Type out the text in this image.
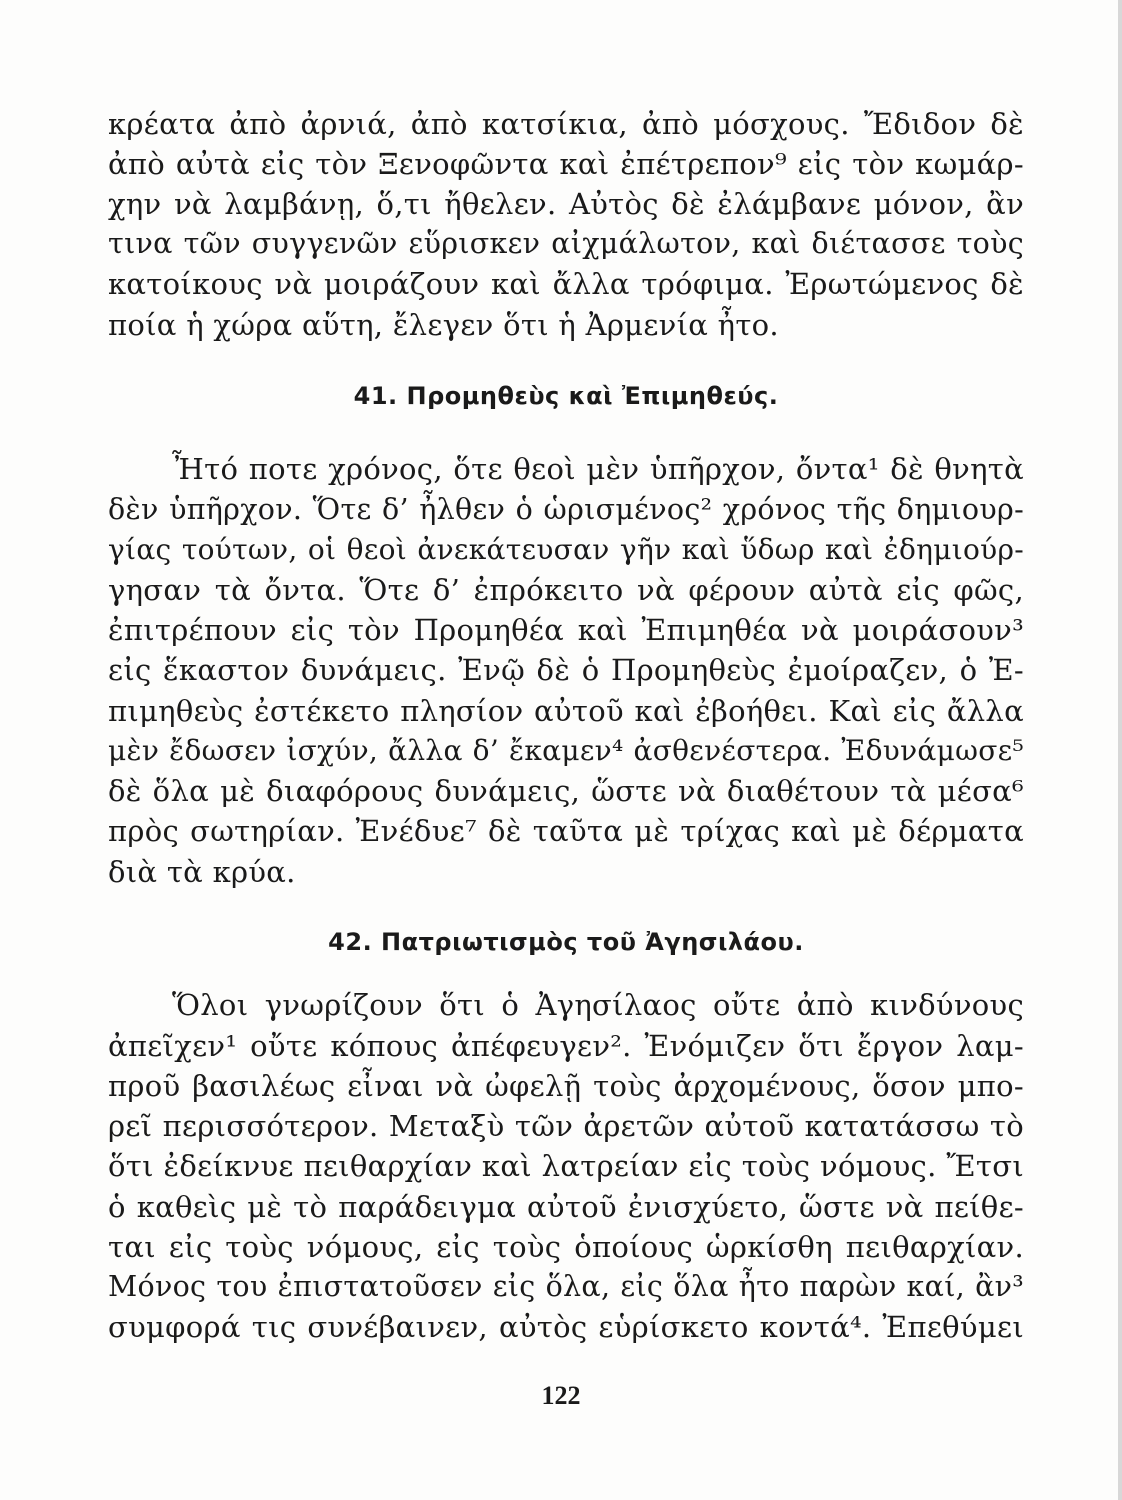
κρέατα ἀπὸ ἀρνιά, ἀπὸ κατσίκια, ἀπὸ μόσχους. Ἔδιδον δὲ
ἀπὸ αὐτὰ εἰς τὸν Ξενοφῶντα καὶ ἐπέτρεπον⁹ εἰς τὸν κωμάρ-
χην νὰ λαμβάνῃ, ὅ,τι ἤθελεν. Αὐτὸς δὲ ἐλάμβανε μόνον, ἂν
τινα τῶν συγγενῶν εὕρισκεν αἰχμάλωτον, καὶ διέτασσε τοὺς
κατοίκους νὰ μοιράζουν καὶ ἄλλα τρόφιμα. Ἐρωτώμενος δὲ
ποία ἡ χώρα αὕτη, ἔλεγεν ὅτι ἡ Ἀρμενία ἦτο.
41. Προμηθεὺς καὶ Ἐπιμηθεύς.
Ἦτό ποτε χρόνος, ὅτε θεοὶ μὲν ὑπῆρχον, ὄντα¹ δὲ θνητὰ
δὲν ὑπῆρχον. Ὅτε δ’ ἦλθεν ὁ ὡρισμένος² χρόνος τῆς δημιουρ-
γίας τούτων, οἱ θεοὶ ἀνεκάτευσαν γῆν καὶ ὕδωρ καὶ ἐδημιούρ-
γησαν τὰ ὄντα. Ὅτε δ’ ἐπρόκειτο νὰ φέρουν αὐτὰ εἰς φῶς,
ἐπιτρέπουν εἰς τὸν Προμηθέα καὶ Ἐπιμηθέα νὰ μοιράσουν³
εἰς ἕκαστον δυνάμεις. Ἐνῷ δὲ ὁ Προμηθεὺς ἐμοίραζεν, ὁ Ἐ-
πιμηθεὺς ἐστέκετο πλησίον αὐτοῦ καὶ ἐβοήθει. Καὶ εἰς ἄλλα
μὲν ἔδωσεν ἰσχύν, ἄλλα δ’ ἔκαμεν⁴ ἀσθενέστερα. Ἐδυνάμωσε⁵
δὲ ὅλα μὲ διαφόρους δυνάμεις, ὥστε νὰ διαθέτουν τὰ μέσα⁶
πρὸς σωτηρίαν. Ἐνέδυε⁷ δὲ ταῦτα μὲ τρίχας καὶ μὲ δέρματα
διὰ τὰ κρύα.
42. Πατριωτισμὸς τοῦ Ἀγησιλάου.
Ὅλοι γνωρίζουν ὅτι ὁ Ἀγησίλαος οὔτε ἀπὸ κινδύνους
ἀπεῖχεν¹ οὔτε κόπους ἀπέφευγεν². Ἐνόμιζεν ὅτι ἔργον λαμ-
προῦ βασιλέως εἶναι νὰ ὠφελῇ τοὺς ἀρχομένους, ὅσον μπο-
ρεῖ περισσότερον. Μεταξὺ τῶν ἀρετῶν αὐτοῦ κατατάσσω τὸ
ὅτι ἐδείκνυε πειθαρχίαν καὶ λατρείαν εἰς τοὺς νόμους. Ἔτσι
ὁ καθεὶς μὲ τὸ παράδειγμα αὐτοῦ ἐνισχύετο, ὥστε νὰ πείθε-
ται εἰς τοὺς νόμους, εἰς τοὺς ὁποίους ὡρκίσθη πειθαρχίαν.
Μόνος του ἐπιστατοῦσεν εἰς ὅλα, εἰς ὅλα ἦτο παρὼν καί, ἂν³
συμφορά τις συνέβαινεν, αὐτὸς εὑρίσκετο κοντά⁴. Ἐπεθύμει
122
